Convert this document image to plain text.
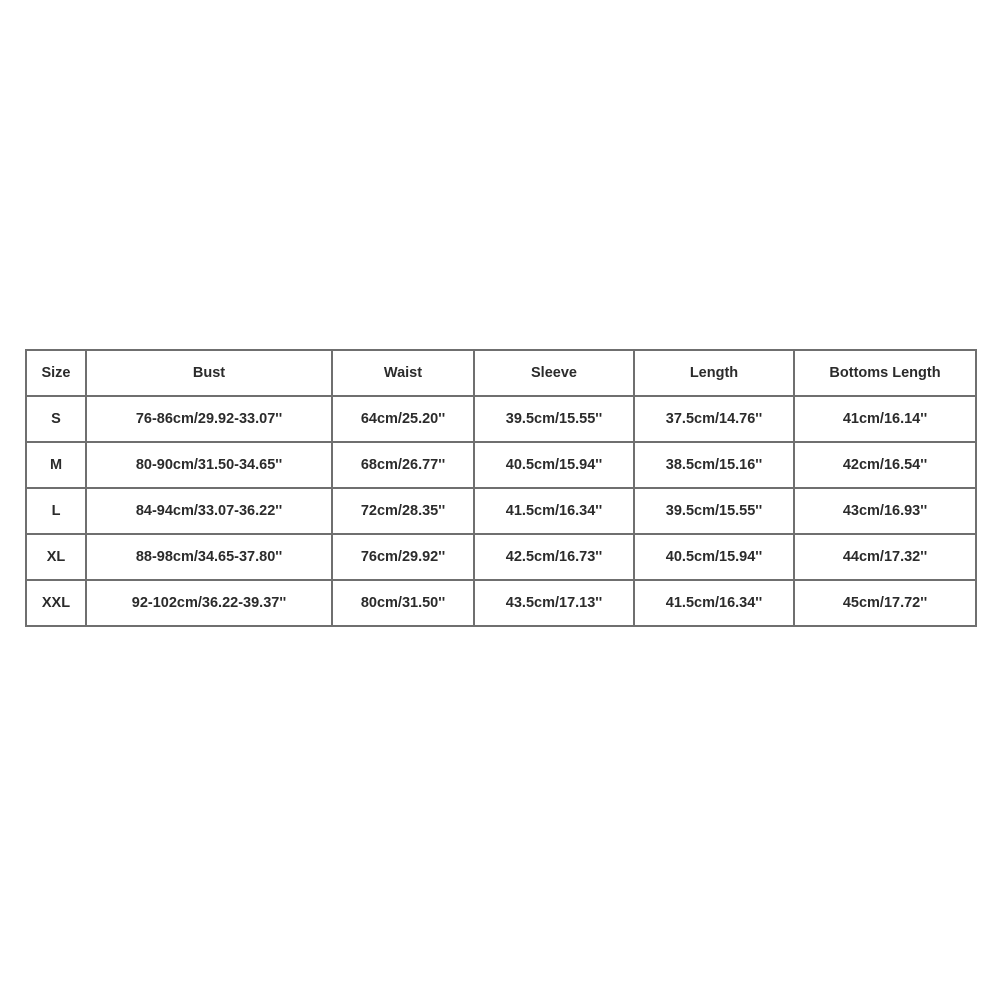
Size	Bust	Waist	Sleeve	Length	Bottoms Length
S	76-86cm/29.92-33.07''	64cm/25.20''	39.5cm/15.55''	37.5cm/14.76''	41cm/16.14''
M	80-90cm/31.50-34.65''	68cm/26.77''	40.5cm/15.94''	38.5cm/15.16''	42cm/16.54''
L	84-94cm/33.07-36.22''	72cm/28.35''	41.5cm/16.34''	39.5cm/15.55''	43cm/16.93''
XL	88-98cm/34.65-37.80''	76cm/29.92''	42.5cm/16.73''	40.5cm/15.94''	44cm/17.32''
XXL	92-102cm/36.22-39.37''	80cm/31.50''	43.5cm/17.13''	41.5cm/16.34''	45cm/17.72''
